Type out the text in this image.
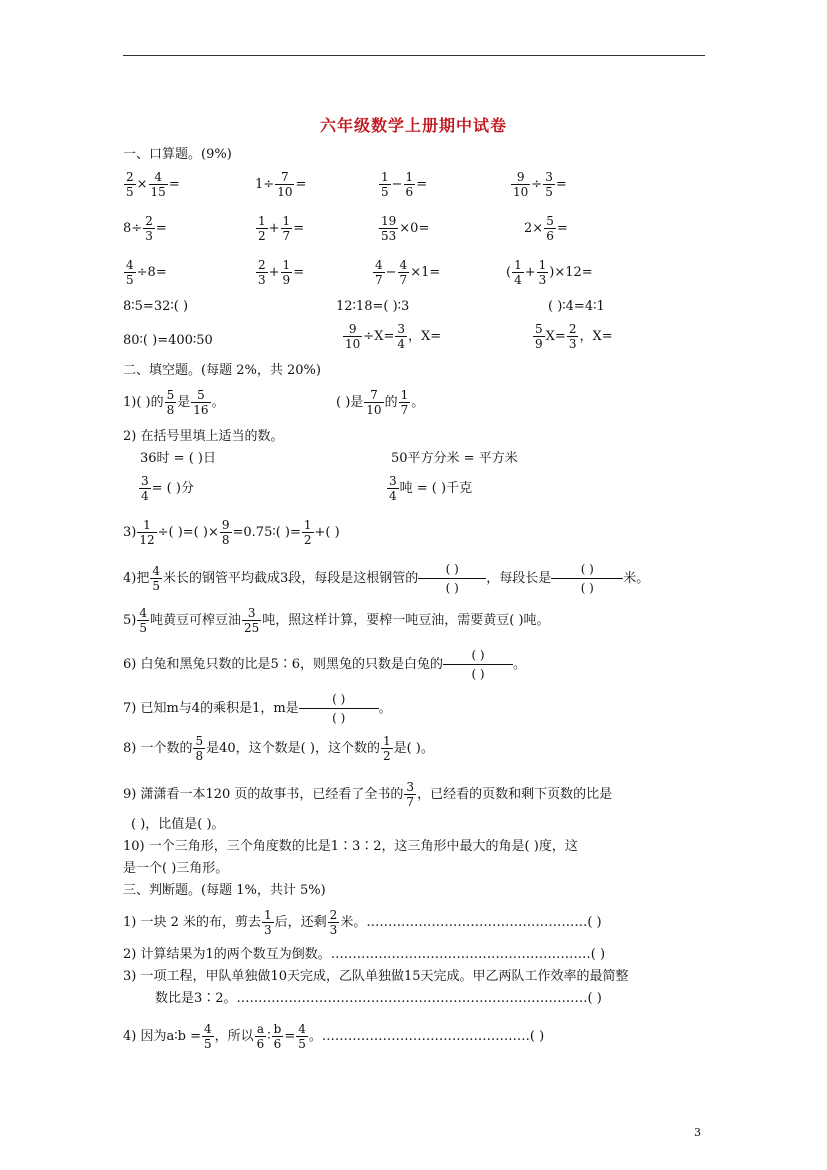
六年级数学上册期中试卷
一、口算题。(9%)
$\frac{2}{5} \times \frac{4}{15}$ =	$1\div \frac{7}{10}$ =	$\frac{1}{5} - \frac{1}{6}$ =	$\frac{9}{10} \div \frac{3}{5}$ =
$8\div \frac{2}{3}$ =	$\frac{1}{2} + \frac{1}{7}$ =	$\frac{19}{53} \times 0=$	$2\times \frac{5}{6}$ =
$\frac{4}{5} \div 8=$	$\frac{2}{3} + \frac{1}{9}$ =	$\frac{4}{7} - \frac{4}{7} \times 1=$	( $\frac{1}{4} + \frac{1}{3} )\times 12=$
8∶5=32∶( )	12∶18=( )∶3	( )∶4=4∶1
80∶( )=400∶50	$\frac{9}{10} \div X= \frac{3}{4}$ ，X=	$\frac{5}{9} X= \frac{2}{3}$ ，X=
二、填空题。(每题 2%，共 20%)
1)( )的 $\frac{5}{8}$ 是 $\frac{5}{16}$ 。	( )是 $\frac{7}{10}$ 的 $\frac{1}{7}$ 。
2) 在括号里填上适当的数。
36时 = ( )日	50平方分米 = 平方米
$\frac{3}{4}$ = ( )分	$\frac{3}{4}$ 吨 = ( )千克
$3) \frac{1}{12}$ ÷( )=( )× $\frac{9}{8}$ =0.75∶( )= $\frac{1}{2}$ +( )
4)把 $\frac{4}{5}$ 米长的钢管平均截成3段，每段是这根钢管的
( )
( )
，每段长是
( )
( )
米。
$5) \frac{4}{5}$ 吨黄豆可榨豆油 $\frac{3}{25}$ 吨，照这样计算，要榨一吨豆油，需要黄豆( )吨。
6) 白兔和黑兔只数的比是5∶6，则黑兔的只数是白兔的
( )
( )
。
7) 已知m与4的乘积是1，m是
( )
( )
。
8) 一个数的 $\frac{5}{8}$ 是40，这个数是( )，这个数的 $\frac{1}{2}$ 是( )。
9) 潇潇看一本120 页的故事书，已经看了全书的 $\frac{3}{7}$ ，已经看的页数和剩下页数的比是
( )，比值是( )。
10) 一个三角形，三个角度数的比是1∶3∶2，这三角形中最大的角是( )度，这
是一个( )三角形。
三、判断题。(每题 1%，共计 5%)
1) 一块 2 米的布，剪去 $\frac{1}{3}$ 后，还剩 $\frac{2}{3}$ 米。……………………………………………( )
2) 计算结果为1的两个数互为倒数。……………………………………………………( )
3) 一项工程，甲队单独做10天完成，乙队单独做15天完成。甲乙两队工作效率的最简整
数比是3∶2。………………………………………………………………………( )
4) 因为a∶b = $\frac{4}{5}$ ，所以 $\frac{a}{6}$ ∶ $\frac{b}{6} = \frac{4}{5}$ 。…………………………………………( )
3
